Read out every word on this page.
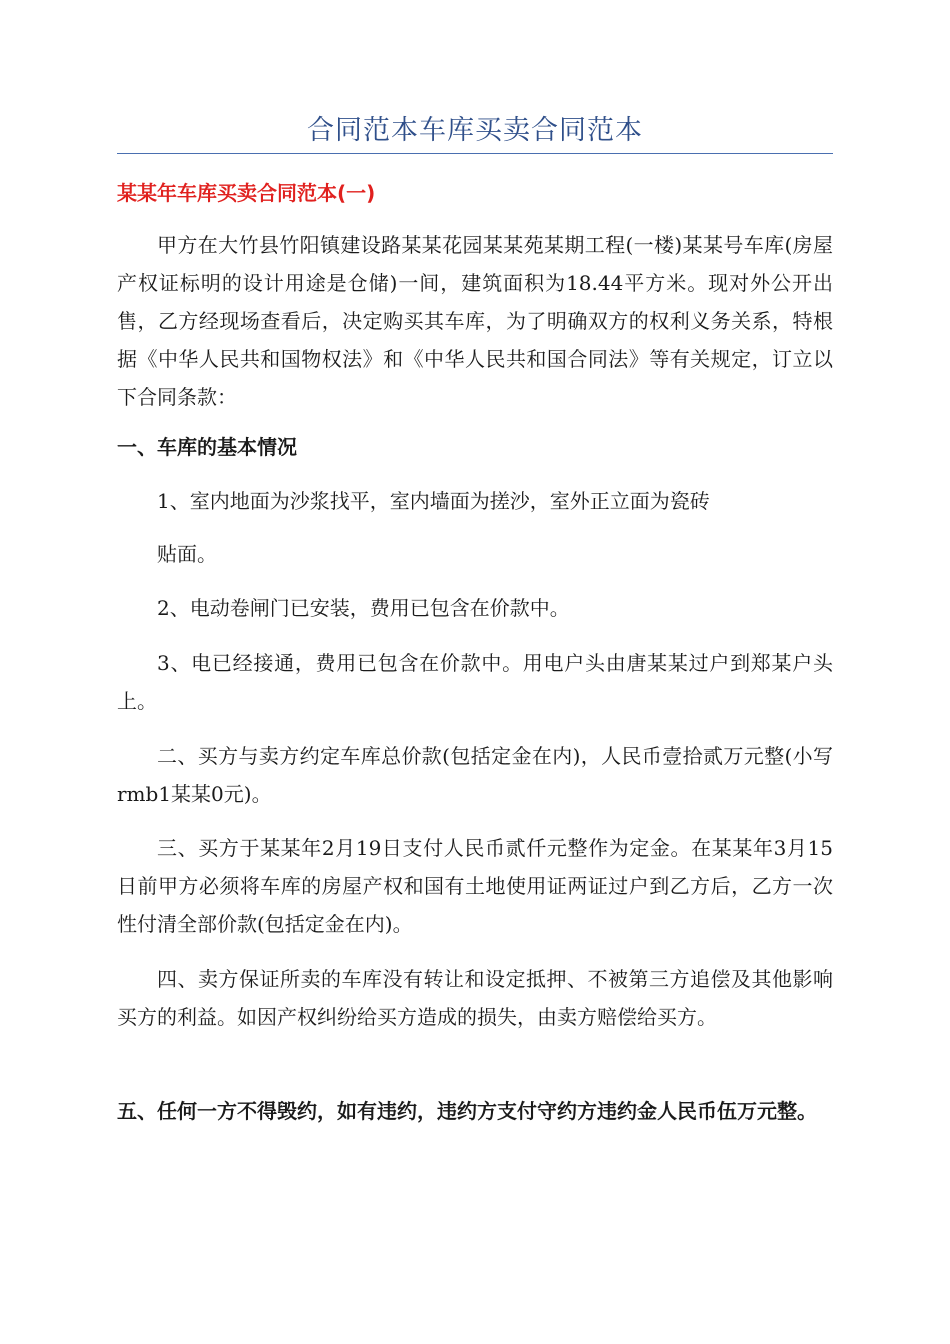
合同范本车库买卖合同范本
某某年车库买卖合同范本(一)

甲方在大竹县竹阳镇建设路某某花园某某苑某期工程(一楼)某某号车库(房屋产权证标明的设计用途是仓储)一间，建筑面积为18.44平方米。现对外公开出售，乙方经现场查看后，决定购买其车库，为了明确双方的权利义务关系，特根据《中华人民共和国物权法》和《中华人民共和国合同法》等有关规定，订立以下合同条款：

一、车库的基本情况

1、室内地面为沙浆找平，室内墙面为搓沙，室外正立面为瓷砖

贴面。

2、电动卷闸门已安装，费用已包含在价款中。

3、电已经接通，费用已包含在价款中。用电户头由唐某某过户到郑某户头上。

二、买方与卖方约定车库总价款(包括定金在内)，人民币壹拾贰万元整(小写rmb1某某0元)。

三、买方于某某年2月19日支付人民币贰仟元整作为定金。在某某年3月15日前甲方必须将车库的房屋产权和国有土地使用证两证过户到乙方后，乙方一次性付清全部价款(包括定金在内)。

四、卖方保证所卖的车库没有转让和设定抵押、不被第三方追偿及其他影响买方的利益。如因产权纠纷给买方造成的损失，由卖方赔偿给买方。

五、任何一方不得毁约，如有违约，违约方支付守约方违约金人民币伍万元整。
